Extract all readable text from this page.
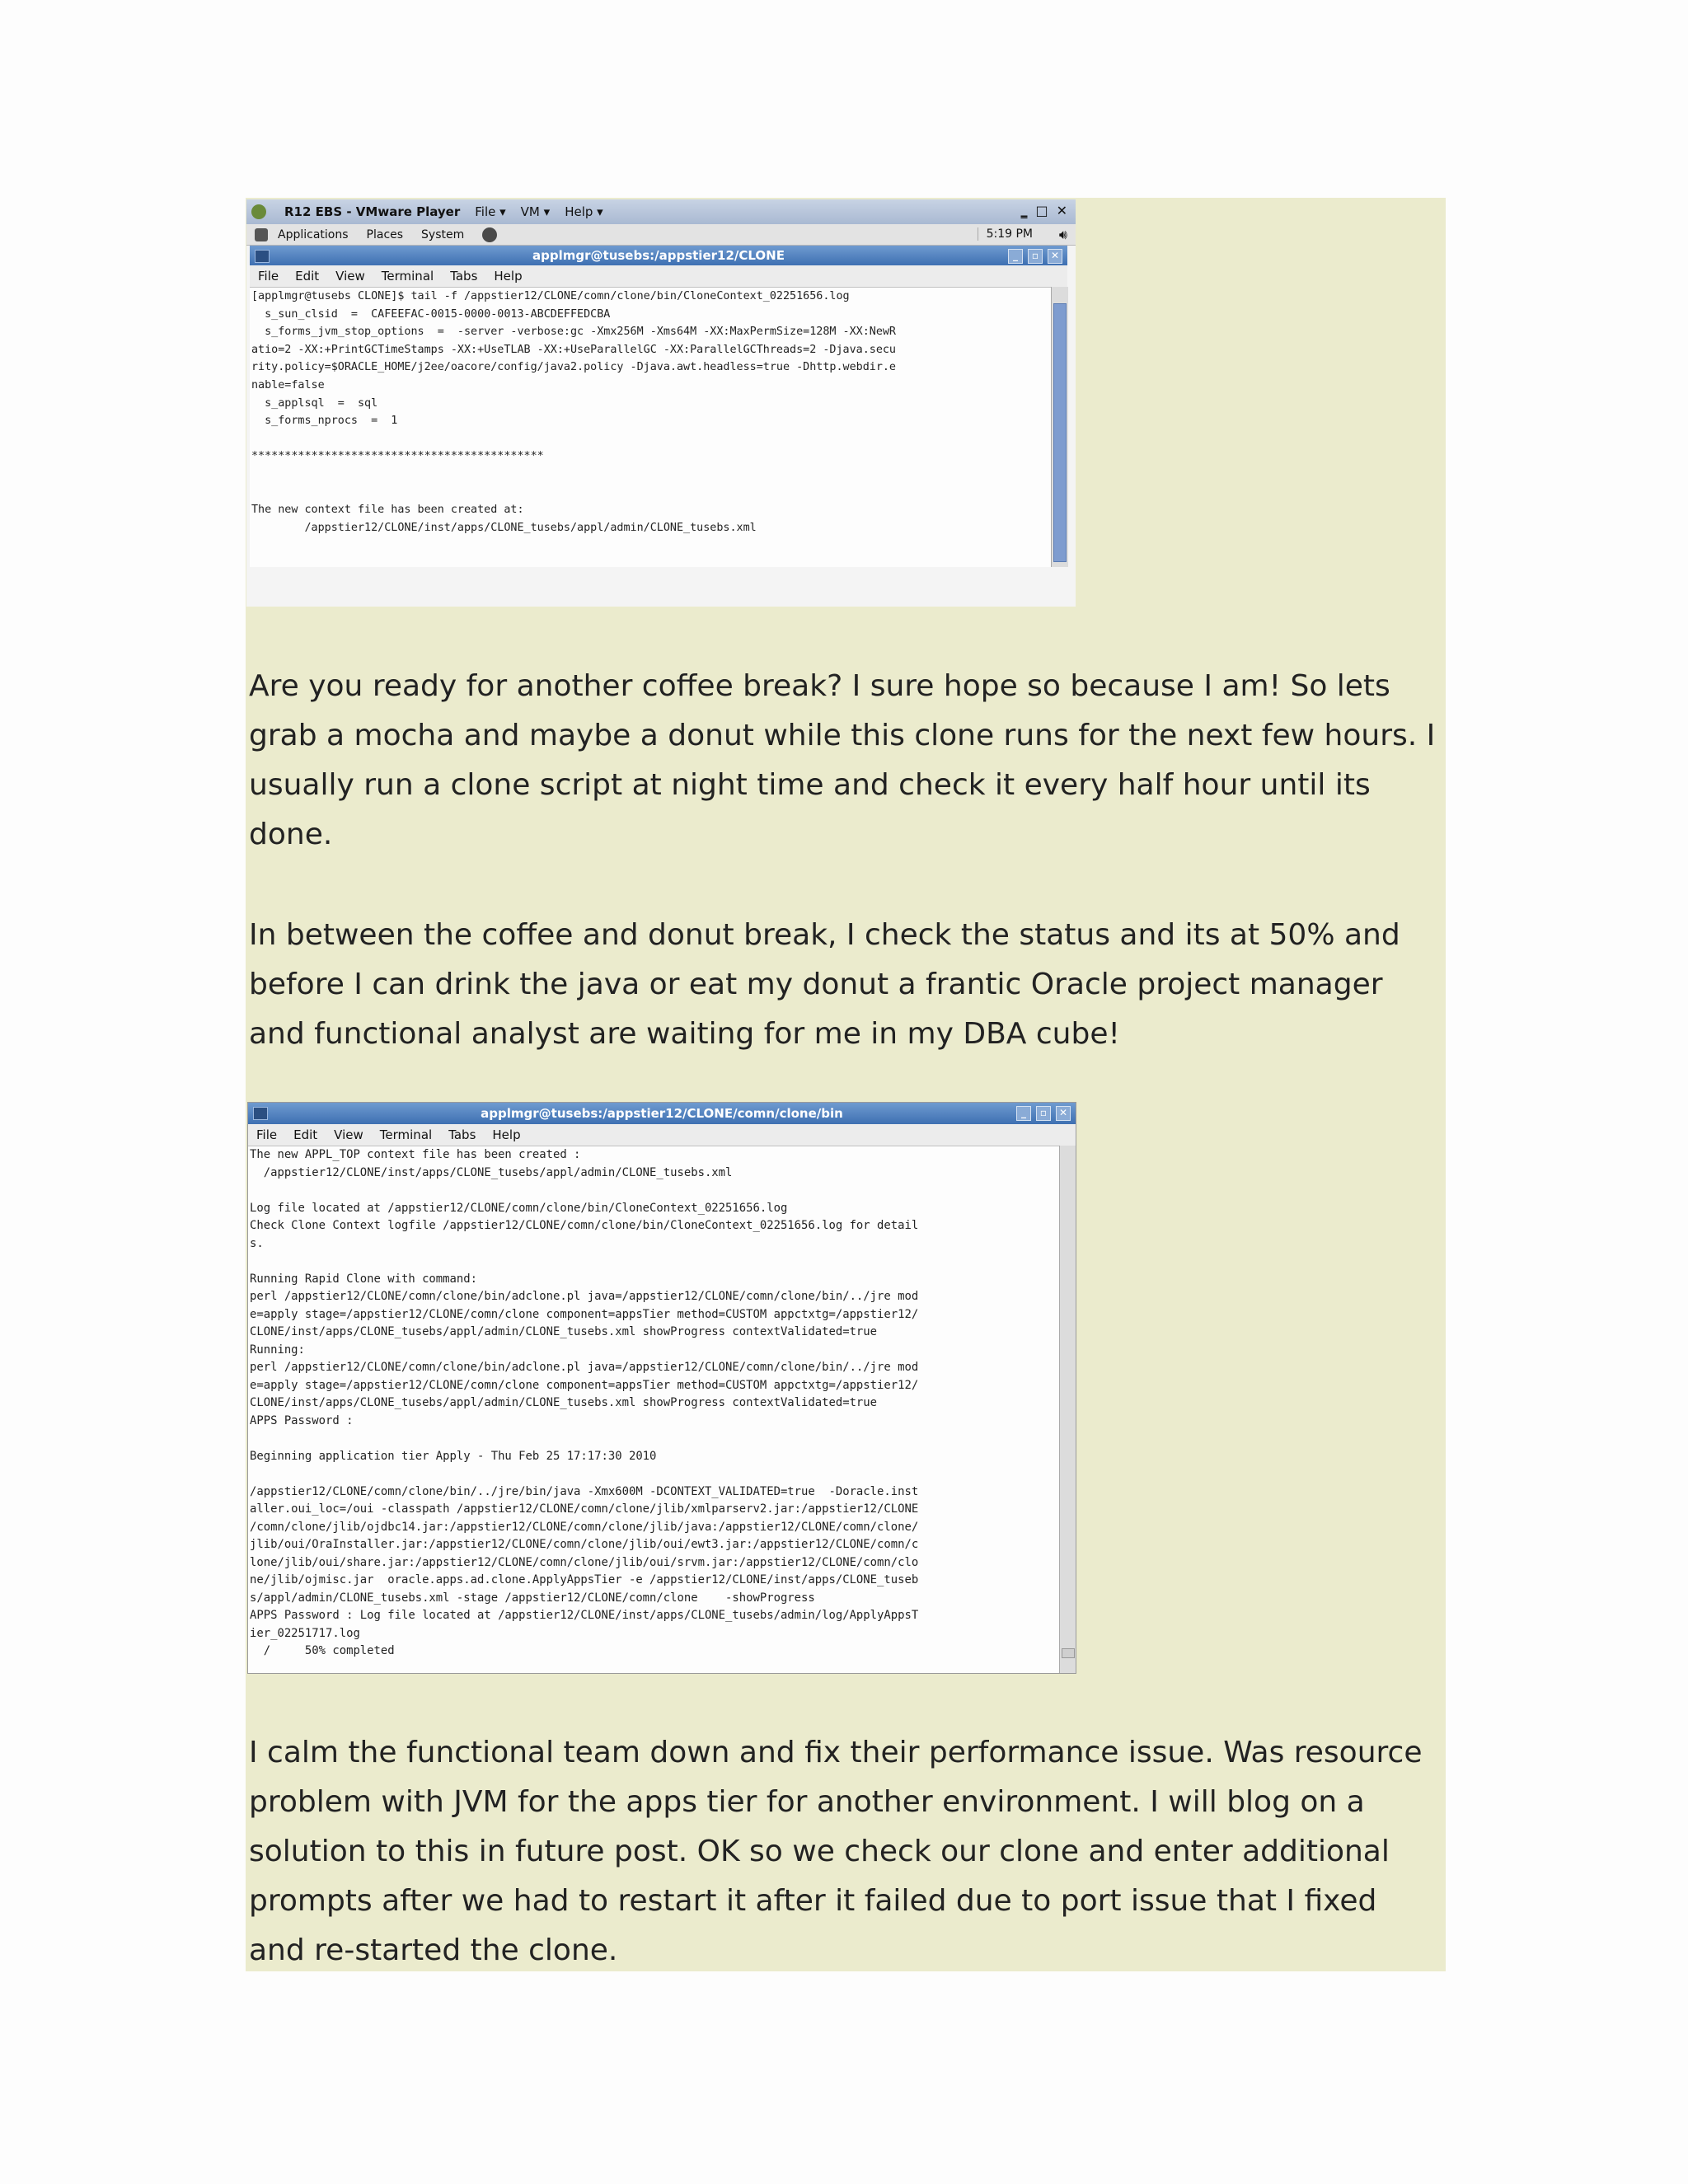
R12 EBS - VMware Player File ▾ VM ▾ Help ▾	‗ □ ✕
Applications Places System	5:19 PM 🔊︎
applmgr@tusebs:/appstier12/CLONE	_	▫	✕
File Edit View Terminal Tabs Help
[applmgr@tusebs CLONE]$ tail -f /appstier12/CLONE/comn/clone/bin/CloneContext_02251656.log
s_sun_clsid  =  CAFEEFAC-0015-0000-0013-ABCDEFFEDCBA
s_forms_jvm_stop_options  =  -server -verbose:gc -Xmx256M -Xms64M -XX:MaxPermSize=128M -XX:NewR
atio=2 -XX:+PrintGCTimeStamps -XX:+UseTLAB -XX:+UseParallelGC -XX:ParallelGCThreads=2 -Djava.secu
rity.policy=$ORACLE_HOME/j2ee/oacore/config/java2.policy -Djava.awt.headless=true -Dhttp.webdir.e
nable=false
s_applsql  =  sql
s_forms_nprocs  =  1

********************************************

The new context file has been created at:
/appstier12/CLONE/inst/apps/CLONE_tusebs/appl/admin/CLONE_tusebs.xml

Are you ready for another coffee break? I sure hope so because I am! So lets grab a mocha and maybe a donut while this clone runs for the next few hours. I usually run a clone script at night time and check it every half hour until its done.

In between the coffee and donut break, I check the status and its at 50% and before I can drink the java or eat my donut a frantic Oracle project manager and functional analyst are waiting for me in my DBA cube!

applmgr@tusebs:/appstier12/CLONE/comn/clone/bin	_	▫	✕
File Edit View Terminal Tabs Help
The new APPL_TOP context file has been created :
/appstier12/CLONE/inst/apps/CLONE_tusebs/appl/admin/CLONE_tusebs.xml

Log file located at /appstier12/CLONE/comn/clone/bin/CloneContext_02251656.log
Check Clone Context logfile /appstier12/CLONE/comn/clone/bin/CloneContext_02251656.log for detail
s.

Running Rapid Clone with command:
perl /appstier12/CLONE/comn/clone/bin/adclone.pl java=/appstier12/CLONE/comn/clone/bin/../jre mod
e=apply stage=/appstier12/CLONE/comn/clone component=appsTier method=CUSTOM appctxtg=/appstier12/
CLONE/inst/apps/CLONE_tusebs/appl/admin/CLONE_tusebs.xml showProgress contextValidated=true
Running:
perl /appstier12/CLONE/comn/clone/bin/adclone.pl java=/appstier12/CLONE/comn/clone/bin/../jre mod
e=apply stage=/appstier12/CLONE/comn/clone component=appsTier method=CUSTOM appctxtg=/appstier12/
CLONE/inst/apps/CLONE_tusebs/appl/admin/CLONE_tusebs.xml showProgress contextValidated=true
APPS Password :

Beginning application tier Apply - Thu Feb 25 17:17:30 2010

/appstier12/CLONE/comn/clone/bin/../jre/bin/java -Xmx600M -DCONTEXT_VALIDATED=true  -Doracle.inst
aller.oui_loc=/oui -classpath /appstier12/CLONE/comn/clone/jlib/xmlparserv2.jar:/appstier12/CLONE
/comn/clone/jlib/ojdbc14.jar:/appstier12/CLONE/comn/clone/jlib/java:/appstier12/CLONE/comn/clone/
jlib/oui/OraInstaller.jar:/appstier12/CLONE/comn/clone/jlib/oui/ewt3.jar:/appstier12/CLONE/comn/c
lone/jlib/oui/share.jar:/appstier12/CLONE/comn/clone/jlib/oui/srvm.jar:/appstier12/CLONE/comn/clo
ne/jlib/ojmisc.jar  oracle.apps.ad.clone.ApplyAppsTier -e /appstier12/CLONE/inst/apps/CLONE_tuseb
s/appl/admin/CLONE_tusebs.xml -stage /appstier12/CLONE/comn/clone    -showProgress
APPS Password : Log file located at /appstier12/CLONE/inst/apps/CLONE_tusebs/admin/log/ApplyAppsT
ier_02251717.log
/     50% completed

I calm the functional team down and fix their performance issue. Was resource problem with JVM for the apps tier for another environment. I will blog on a solution to this in future post. OK so we check our clone and enter additional prompts after we had to restart it after it failed due to port issue that I fixed and re-started the clone.
